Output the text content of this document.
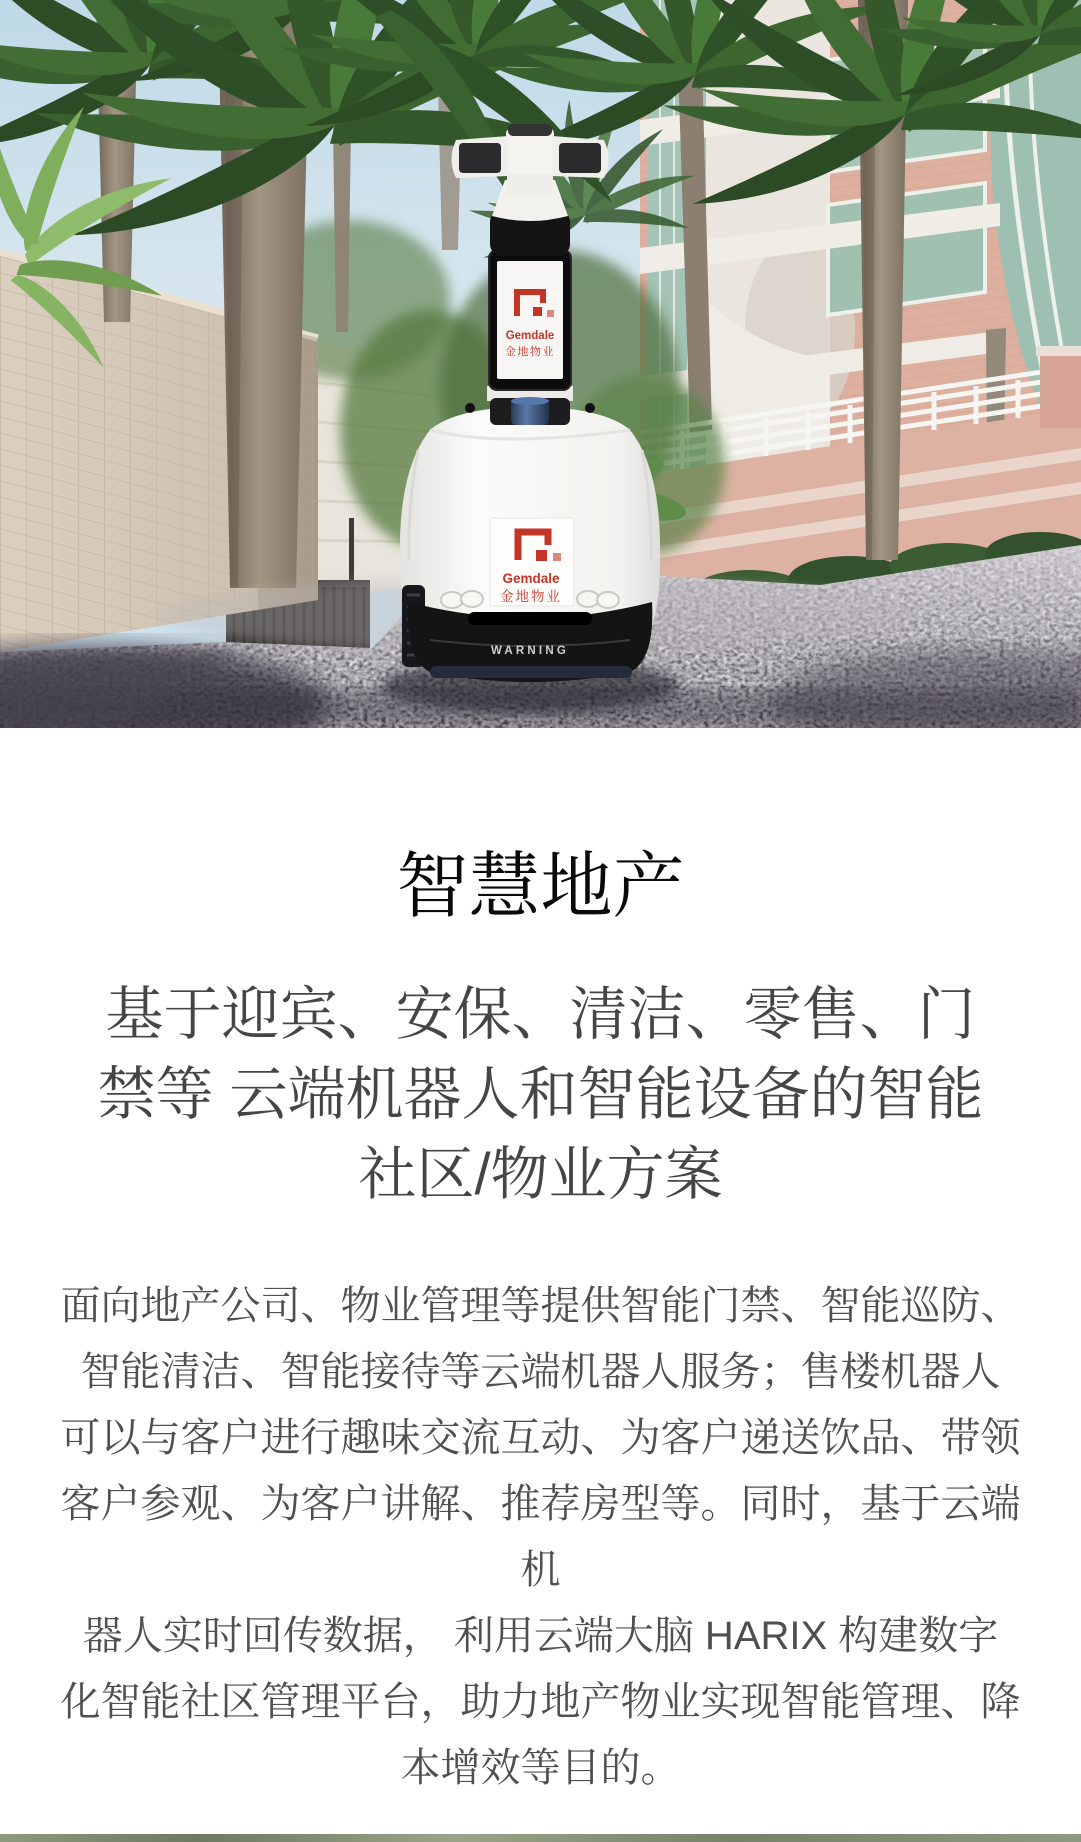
WARNING
Gemdale
金地物业
Gemdale
金地物业
智慧地产
基于迎宾、安保、清洁、零售、门
禁等 云端机器人和智能设备的智能
社区/物业方案
面向地产公司、物业管理等提供智能门禁、智能巡防、
智能清洁、智能接待等云端机器人服务；售楼机器人
可以与客户进行趣味交流互动、为客户递送饮品、带领
客户参观、为客户讲解、推荐房型等。同时，基于云端机
器人实时回传数据， 利用云端大脑 HARIX 构建数字
化智能社区管理平台，助力地产物业实现智能管理、降
本增效等目的。
